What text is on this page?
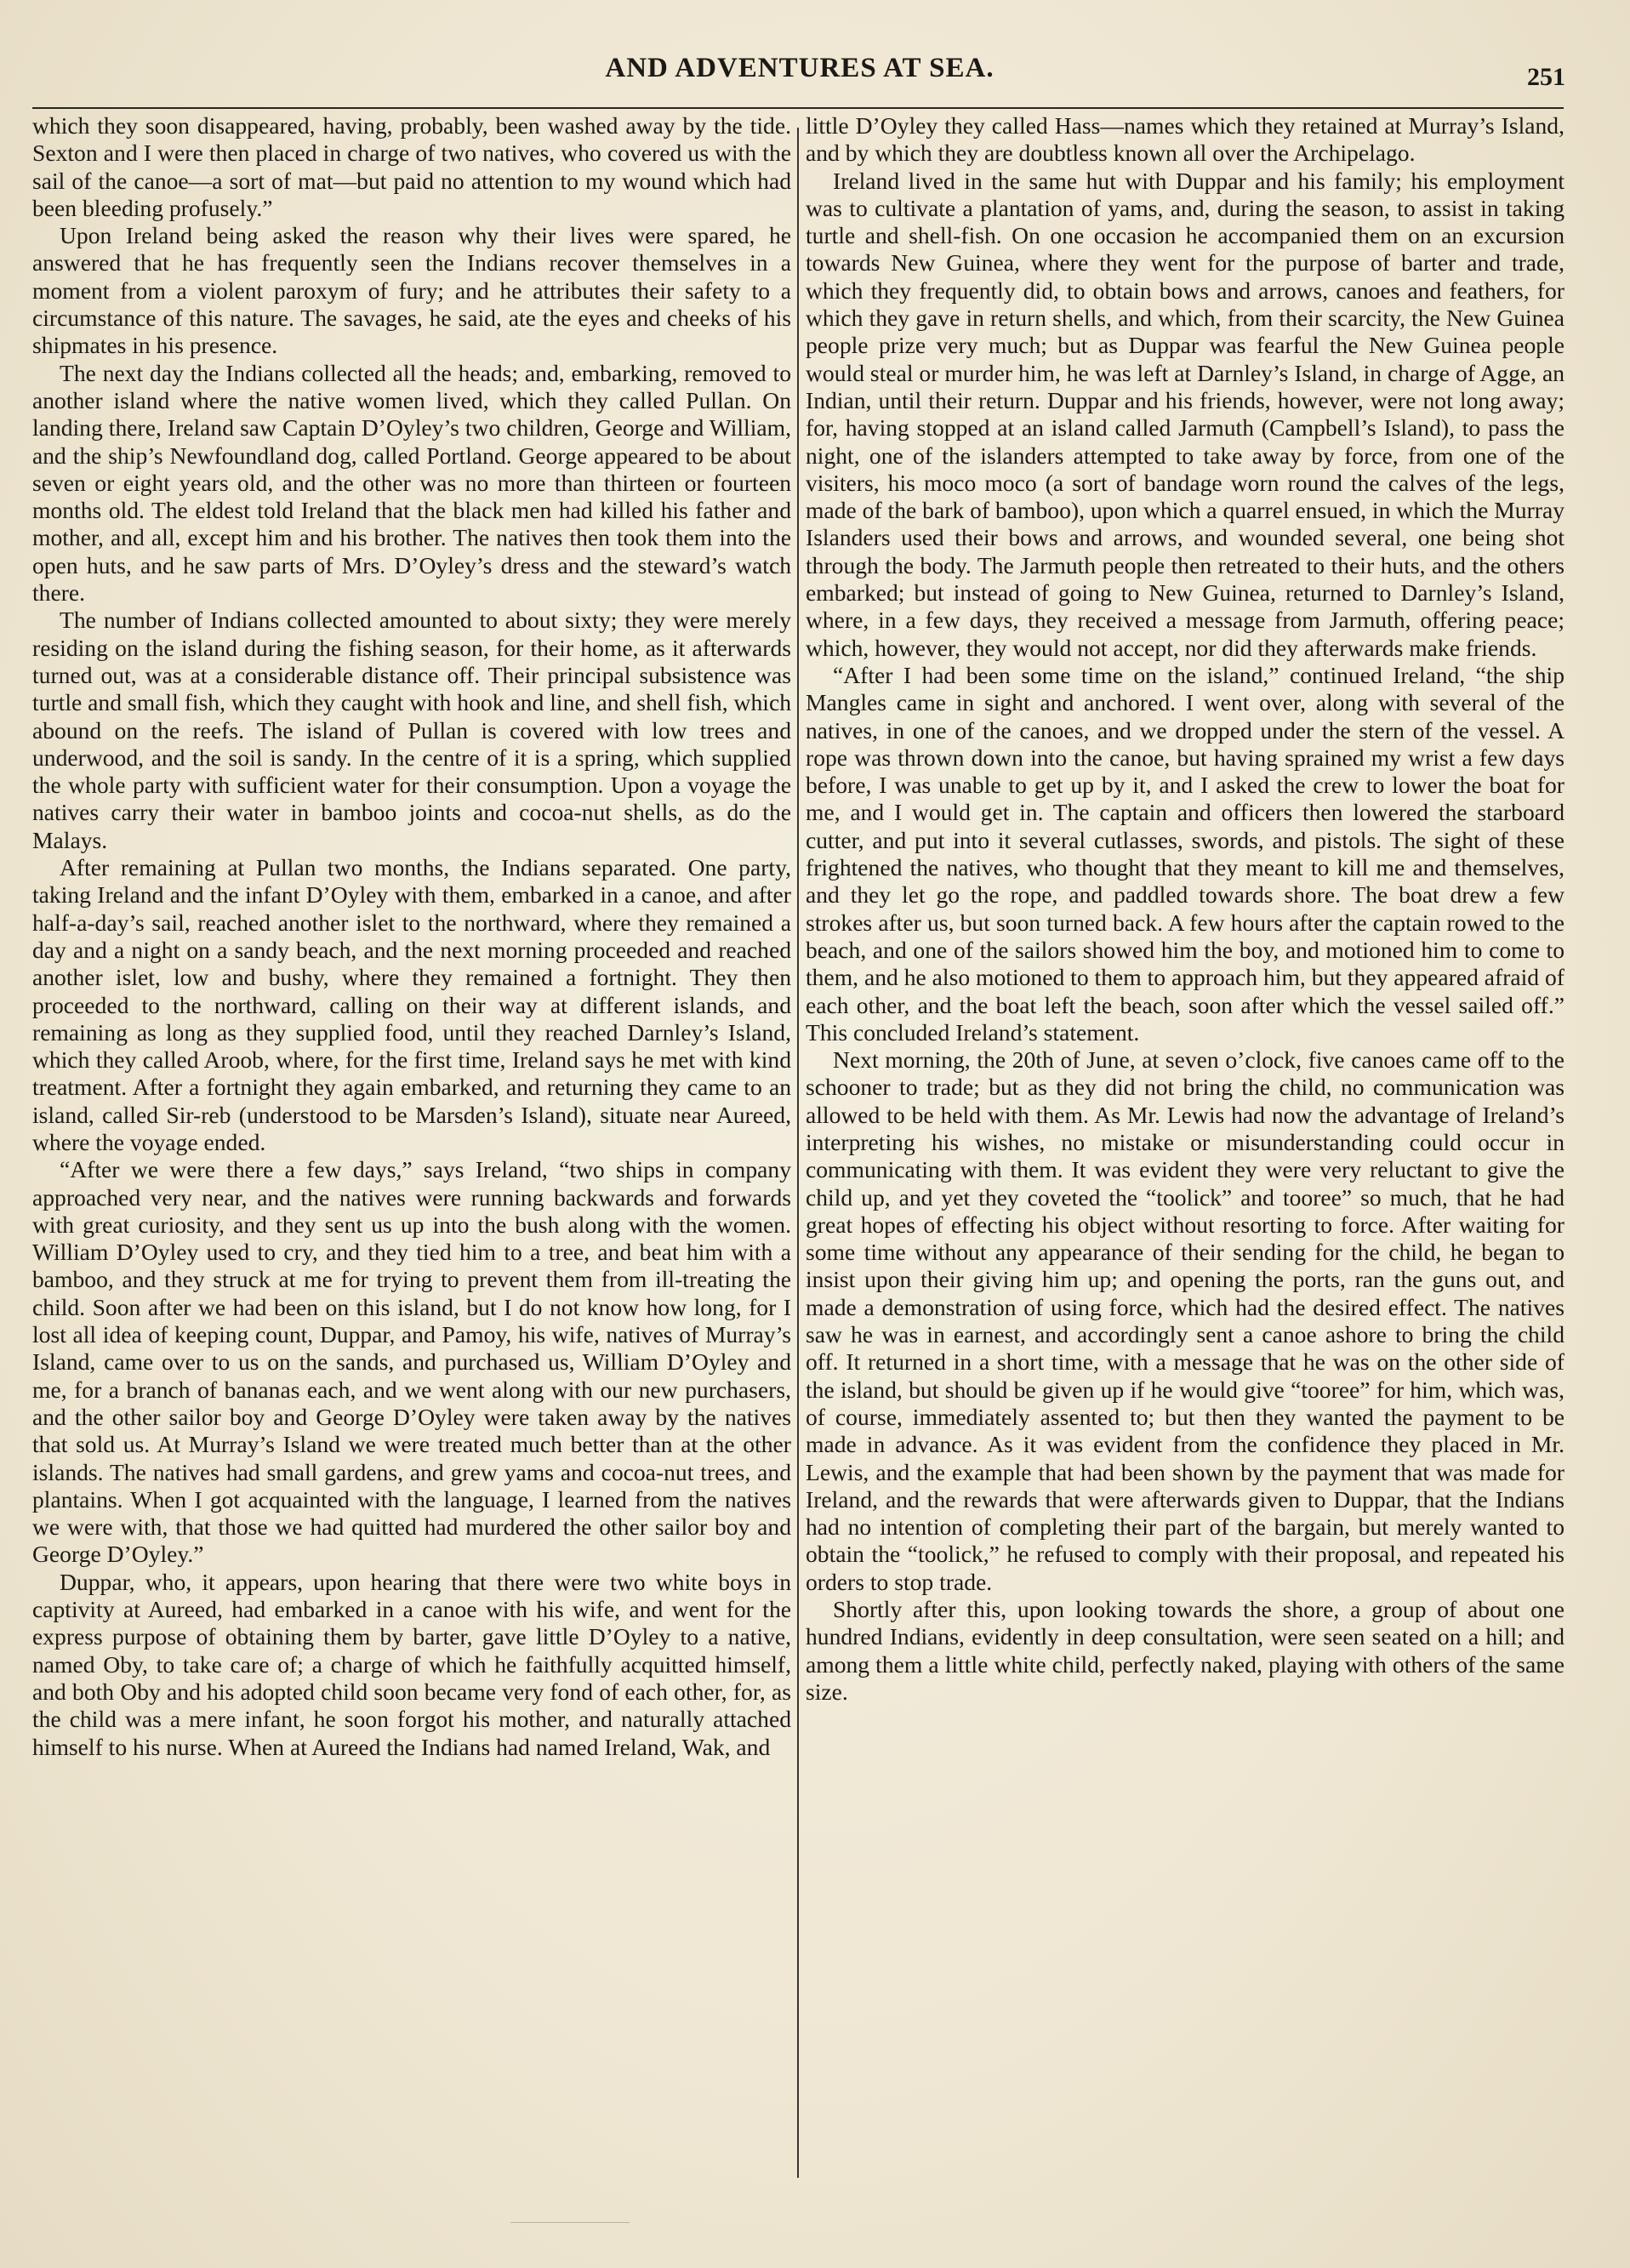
AND ADVENTURES AT SEA.	251

which they soon disappeared, having, probably, been washed away by the tide. Sexton and I were then placed in charge of two natives, who covered us with the sail of the canoe—a sort of mat—but paid no attention to my wound which had been bleeding profusely.”

Upon Ireland being asked the reason why their lives were spared, he answered that he has frequently seen the Indians recover themselves in a moment from a violent paroxym of fury; and he attributes their safety to a circumstance of this nature. The savages, he said, ate the eyes and cheeks of his shipmates in his presence.

The next day the Indians collected all the heads; and, embarking, removed to another island where the native women lived, which they called Pullan. On landing there, Ireland saw Captain D’Oyley’s two children, George and William, and the ship’s Newfoundland dog, called Portland. George appeared to be about seven or eight years old, and the other was no more than thirteen or fourteen months old. The eldest told Ireland that the black men had killed his father and mother, and all, except him and his brother. The natives then took them into the open huts, and he saw parts of Mrs. D’Oyley’s dress and the steward’s watch there.

The number of Indians collected amounted to about sixty; they were merely residing on the island during the fishing season, for their home, as it afterwards turned out, was at a considerable distance off. Their principal subsistence was turtle and small fish, which they caught with hook and line, and shell fish, which abound on the reefs. The island of Pullan is covered with low trees and underwood, and the soil is sandy. In the centre of it is a spring, which supplied the whole party with sufficient water for their consumption. Upon a voyage the natives carry their water in bamboo joints and cocoa-nut shells, as do the Malays.

After remaining at Pullan two months, the Indians separated. One party, taking Ireland and the infant D’Oyley with them, embarked in a canoe, and after half-a-day’s sail, reached another islet to the northward, where they remained a day and a night on a sandy beach, and the next morning proceeded and reached another islet, low and bushy, where they remained a fortnight. They then proceeded to the northward, calling on their way at different islands, and remaining as long as they supplied food, until they reached Darnley’s Island, which they called Aroob, where, for the first time, Ireland says he met with kind treatment. After a fortnight they again embarked, and returning they came to an island, called Sir-reb (understood to be Marsden’s Island), situate near Aureed, where the voyage ended.

“After we were there a few days,” says Ireland, “two ships in company approached very near, and the natives were running backwards and forwards with great curiosity, and they sent us up into the bush along with the women. William D’Oyley used to cry, and they tied him to a tree, and beat him with a bamboo, and they struck at me for trying to prevent them from ill-treating the child. Soon after we had been on this island, but I do not know how long, for I lost all idea of keeping count, Duppar, and Pamoy, his wife, natives of Murray’s Island, came over to us on the sands, and purchased us, William D’Oyley and me, for a branch of bananas each, and we went along with our new purchasers, and the other sailor boy and George D’Oyley were taken away by the natives that sold us. At Murray’s Island we were treated much better than at the other islands. The natives had small gardens, and grew yams and cocoa-nut trees, and plantains. When I got acquainted with the language, I learned from the natives we were with, that those we had quitted had murdered the other sailor boy and George D’Oyley.”

Duppar, who, it appears, upon hearing that there were two white boys in captivity at Aureed, had embarked in a canoe with his wife, and went for the express purpose of obtaining them by barter, gave little D’Oyley to a native, named Oby, to take care of; a charge of which he faithfully acquitted himself, and both Oby and his adopted child soon became very fond of each other, for, as the child was a mere infant, he soon forgot his mother, and naturally attached himself to his nurse. When at Aureed the Indians had named Ireland, Wak, and

little D’Oyley they called Hass—names which they retained at Murray’s Island, and by which they are doubtless known all over the Archipelago.

Ireland lived in the same hut with Duppar and his family; his employment was to cultivate a plantation of yams, and, during the season, to assist in taking turtle and shell-fish. On one occasion he accompanied them on an excursion towards New Guinea, where they went for the purpose of barter and trade, which they frequently did, to obtain bows and arrows, canoes and feathers, for which they gave in return shells, and which, from their scarcity, the New Guinea people prize very much; but as Duppar was fearful the New Guinea people would steal or murder him, he was left at Darnley’s Island, in charge of Agge, an Indian, until their return. Duppar and his friends, however, were not long away; for, having stopped at an island called Jarmuth (Campbell’s Island), to pass the night, one of the islanders attempted to take away by force, from one of the visiters, his moco moco (a sort of bandage worn round the calves of the legs, made of the bark of bamboo), upon which a quarrel ensued, in which the Murray Islanders used their bows and arrows, and wounded several, one being shot through the body. The Jarmuth people then retreated to their huts, and the others embarked; but instead of going to New Guinea, returned to Darnley’s Island, where, in a few days, they received a message from Jarmuth, offering peace; which, however, they would not accept, nor did they afterwards make friends.

“After I had been some time on the island,” continued Ireland, “the ship Mangles came in sight and anchored. I went over, along with several of the natives, in one of the canoes, and we dropped under the stern of the vessel. A rope was thrown down into the canoe, but having sprained my wrist a few days before, I was unable to get up by it, and I asked the crew to lower the boat for me, and I would get in. The captain and officers then lowered the starboard cutter, and put into it several cutlasses, swords, and pistols. The sight of these frightened the natives, who thought that they meant to kill me and themselves, and they let go the rope, and paddled towards shore. The boat drew a few strokes after us, but soon turned back. A few hours after the captain rowed to the beach, and one of the sailors showed him the boy, and motioned him to come to them, and he also motioned to them to approach him, but they appeared afraid of each other, and the boat left the beach, soon after which the vessel sailed off.” This concluded Ireland’s statement.

Next morning, the 20th of June, at seven o’clock, five canoes came off to the schooner to trade; but as they did not bring the child, no communication was allowed to be held with them. As Mr. Lewis had now the advantage of Ireland’s interpreting his wishes, no mistake or misunderstanding could occur in communicating with them. It was evident they were very reluctant to give the child up, and yet they coveted the “toolick” and tooree” so much, that he had great hopes of effecting his object without resorting to force. After waiting for some time without any appearance of their sending for the child, he began to insist upon their giving him up; and opening the ports, ran the guns out, and made a demonstration of using force, which had the desired effect. The natives saw he was in earnest, and accordingly sent a canoe ashore to bring the child off. It returned in a short time, with a message that he was on the other side of the island, but should be given up if he would give “tooree” for him, which was, of course, immediately assented to; but then they wanted the payment to be made in advance. As it was evident from the confidence they placed in Mr. Lewis, and the example that had been shown by the payment that was made for Ireland, and the rewards that were afterwards given to Duppar, that the Indians had no intention of completing their part of the bargain, but merely wanted to obtain the “toolick,” he refused to comply with their proposal, and repeated his orders to stop trade.

Shortly after this, upon looking towards the shore, a group of about one hundred Indians, evidently in deep consultation, were seen seated on a hill; and among them a little white child, perfectly naked, playing with others of the same size.
